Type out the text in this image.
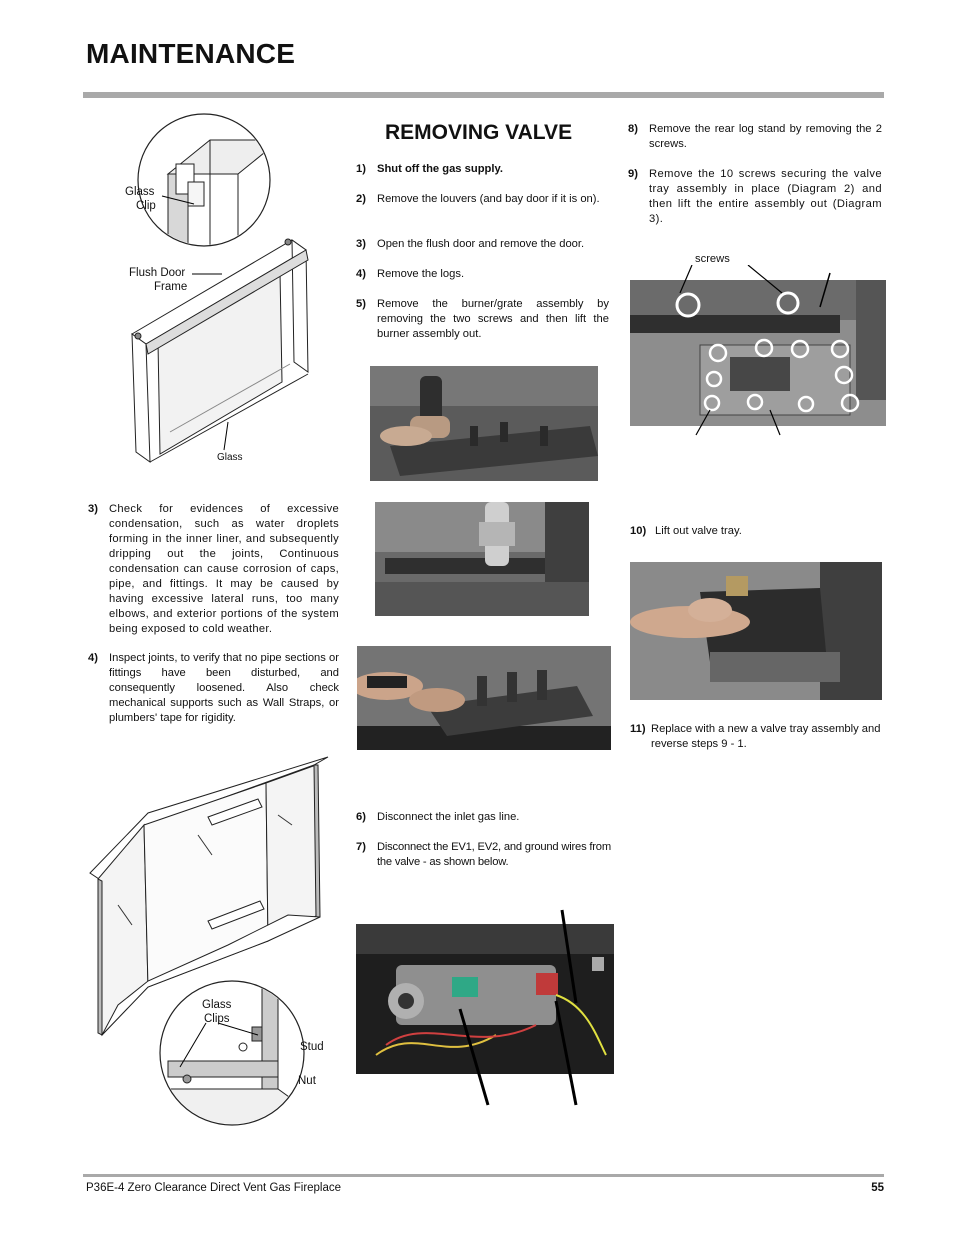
MAINTENANCE
Glass
Clip
Flush Door
Frame
Glass
3) Check for evidences of excessive condensation, such as water droplets forming in the inner liner, and subsequently dripping out the joints, Continuous condensation can cause corrosion of caps, pipe, and fittings. It may be caused by having excessive lateral runs, too many elbows, and exterior portions of the system being exposed to cold weather.
4) Inspect joints, to verify that no pipe sections or fittings have been disturbed, and consequently loosened. Also check mechanical supports such as Wall Straps, or plumbers' tape for rigidity.
Glass
Clips
Stud
Nut
REMOVING VALVE
1) Shut off the gas supply.
2) Remove the louvers (and bay door if it is on).
3) Open the flush door and remove the door.
4) Remove the logs.
5) Remove the burner/grate assembly by removing the two screws and then lift the burner assembly out.
6) Disconnect the inlet gas line.
7) Disconnect the EV1, EV2, and ground wires from the valve - as shown below.
8) Remove the rear log stand by removing the 2 screws.
9) Remove the 10 screws securing the valve tray assembly in place (Diagram 2) and then lift the entire assembly out (Diagram 3).
screws
10) Lift out valve tray.
11) Replace with a new a valve tray assembly and reverse steps 9 - 1.
P36E-4 Zero Clearance Direct Vent Gas Fireplace	55
